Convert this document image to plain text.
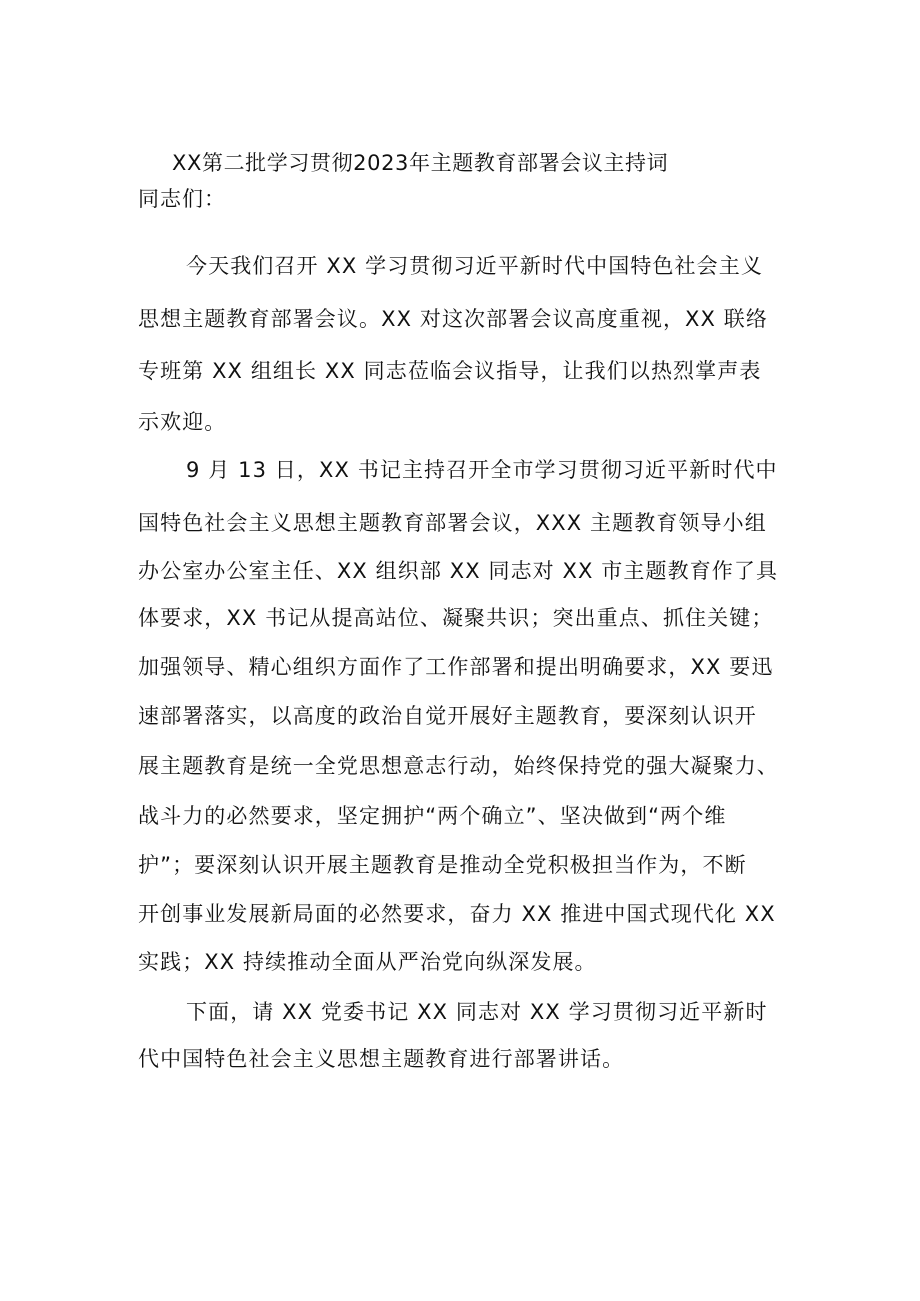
XX第二批学习贯彻2023年主题教育部署会议主持词
同志们：
今天我们召开 XX 学习贯彻习近平新时代中国特色社会主义
思想主题教育部署会议。XX 对这次部署会议高度重视，XX 联络
专班第 XX 组组长 XX 同志莅临会议指导，让我们以热烈掌声表
示欢迎。
9 月 13 日，XX 书记主持召开全市学习贯彻习近平新时代中
国特色社会主义思想主题教育部署会议，XXX 主题教育领导小组
办公室办公室主任、XX 组织部 XX 同志对 XX 市主题教育作了具
体要求，XX 书记从提高站位、凝聚共识；突出重点、抓住关键；
加强领导、精心组织方面作了工作部署和提出明确要求，XX 要迅
速部署落实，以高度的政治自觉开展好主题教育，要深刻认识开
展主题教育是统一全党思想意志行动，始终保持党的强大凝聚力、
战斗力的必然要求，坚定拥护“两个确立”、坚决做到“两个维
护”；要深刻认识开展主题教育是推动全党积极担当作为，不断
开创事业发展新局面的必然要求，奋力 XX 推进中国式现代化 XX
实践；XX 持续推动全面从严治党向纵深发展。
下面，请 XX 党委书记 XX 同志对 XX 学习贯彻习近平新时
代中国特色社会主义思想主题教育进行部署讲话。
